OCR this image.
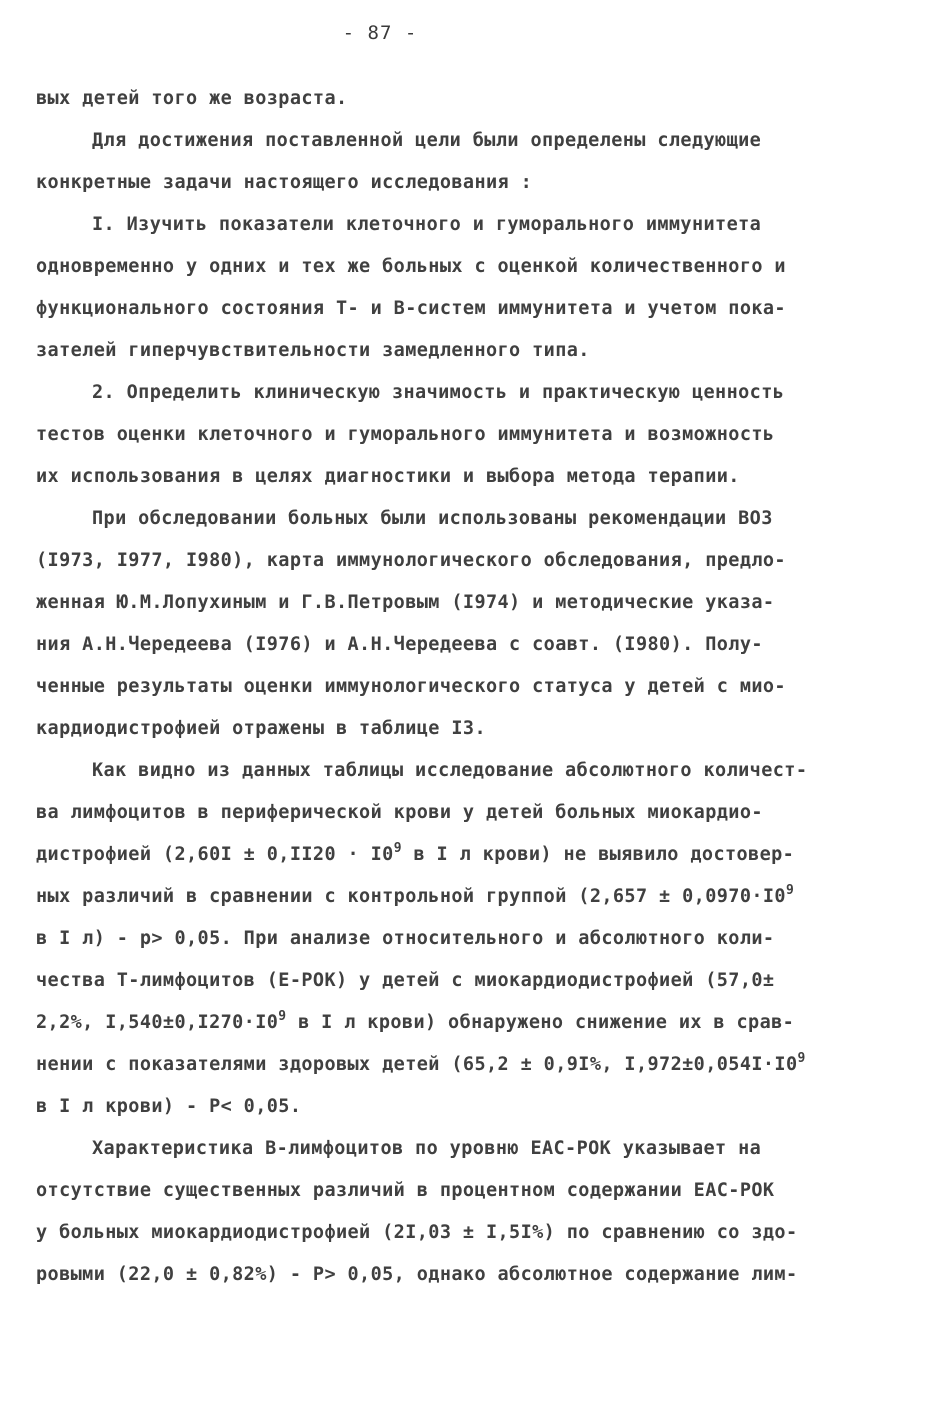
- 87 -
вых детей того же возраста.
Для достижения поставленной цели были определены следующие
конкретные задачи настоящего исследования :
I. Изучить показатели клеточного и гуморального иммунитета
одновременно у одних и тех же больных с оценкой количественного и
функционального состояния Т- и В-систем иммунитета и учетом пока-
зателей гиперчувствительности замедленного типа.
2. Определить клиническую значимость и практическую ценность
тестов оценки клеточного и гуморального иммунитета и возможность
их использования в целях диагностики и выбора метода терапии.
При обследовании больных были использованы рекомендации ВОЗ
(I973, I977, I980), карта иммунологического обследования, предло-
женная Ю.М.Лопухиным и Г.В.Петровым (I974) и методические указа-
ния А.Н.Чередеева (I976) и А.Н.Чередеева с соавт. (I980). Полу-
ченные результаты оценки иммунологического статуса у детей с мио-
кардиодистрофией отражены в таблице I3.
Как видно из данных таблицы исследование абсолютного количест-
ва лимфоцитов в периферической крови у детей больных миокардио-
дистрофией ($2,60I \pm 0,II20 \cdot I0^9$ в I л крови) не выявило достовер-
ных различий в сравнении с контрольной группой ($2,657 \pm 0,0970\cdot I0^9$
в I л) - р> 0,05. При анализе относительного и абсолютного коли-
чества Т-лимфоцитов (Е-РОК) у детей с миокардиодистрофией (57,0±
2,2%, $I,540\pm 0,I270\cdot I0^9$ в I л крови) обнаружено снижение их в срав-
нении с показателями здоровых детей (65,2 ± 0,9I%, $I,972\pm 0,054I\cdot I0^9$
в I л крови) - Р< 0,05.
Характеристика В-лимфоцитов по уровню ЕАС-РОК указывает на
отсутствие существенных различий в процентном содержании ЕАС-РОК
у больных миокардиодистрофией (2I,03 ± I,5I%) по сравнению со здо-
ровыми (22,0 ± 0,82%) - Р> 0,05, однако абсолютное содержание лим-
